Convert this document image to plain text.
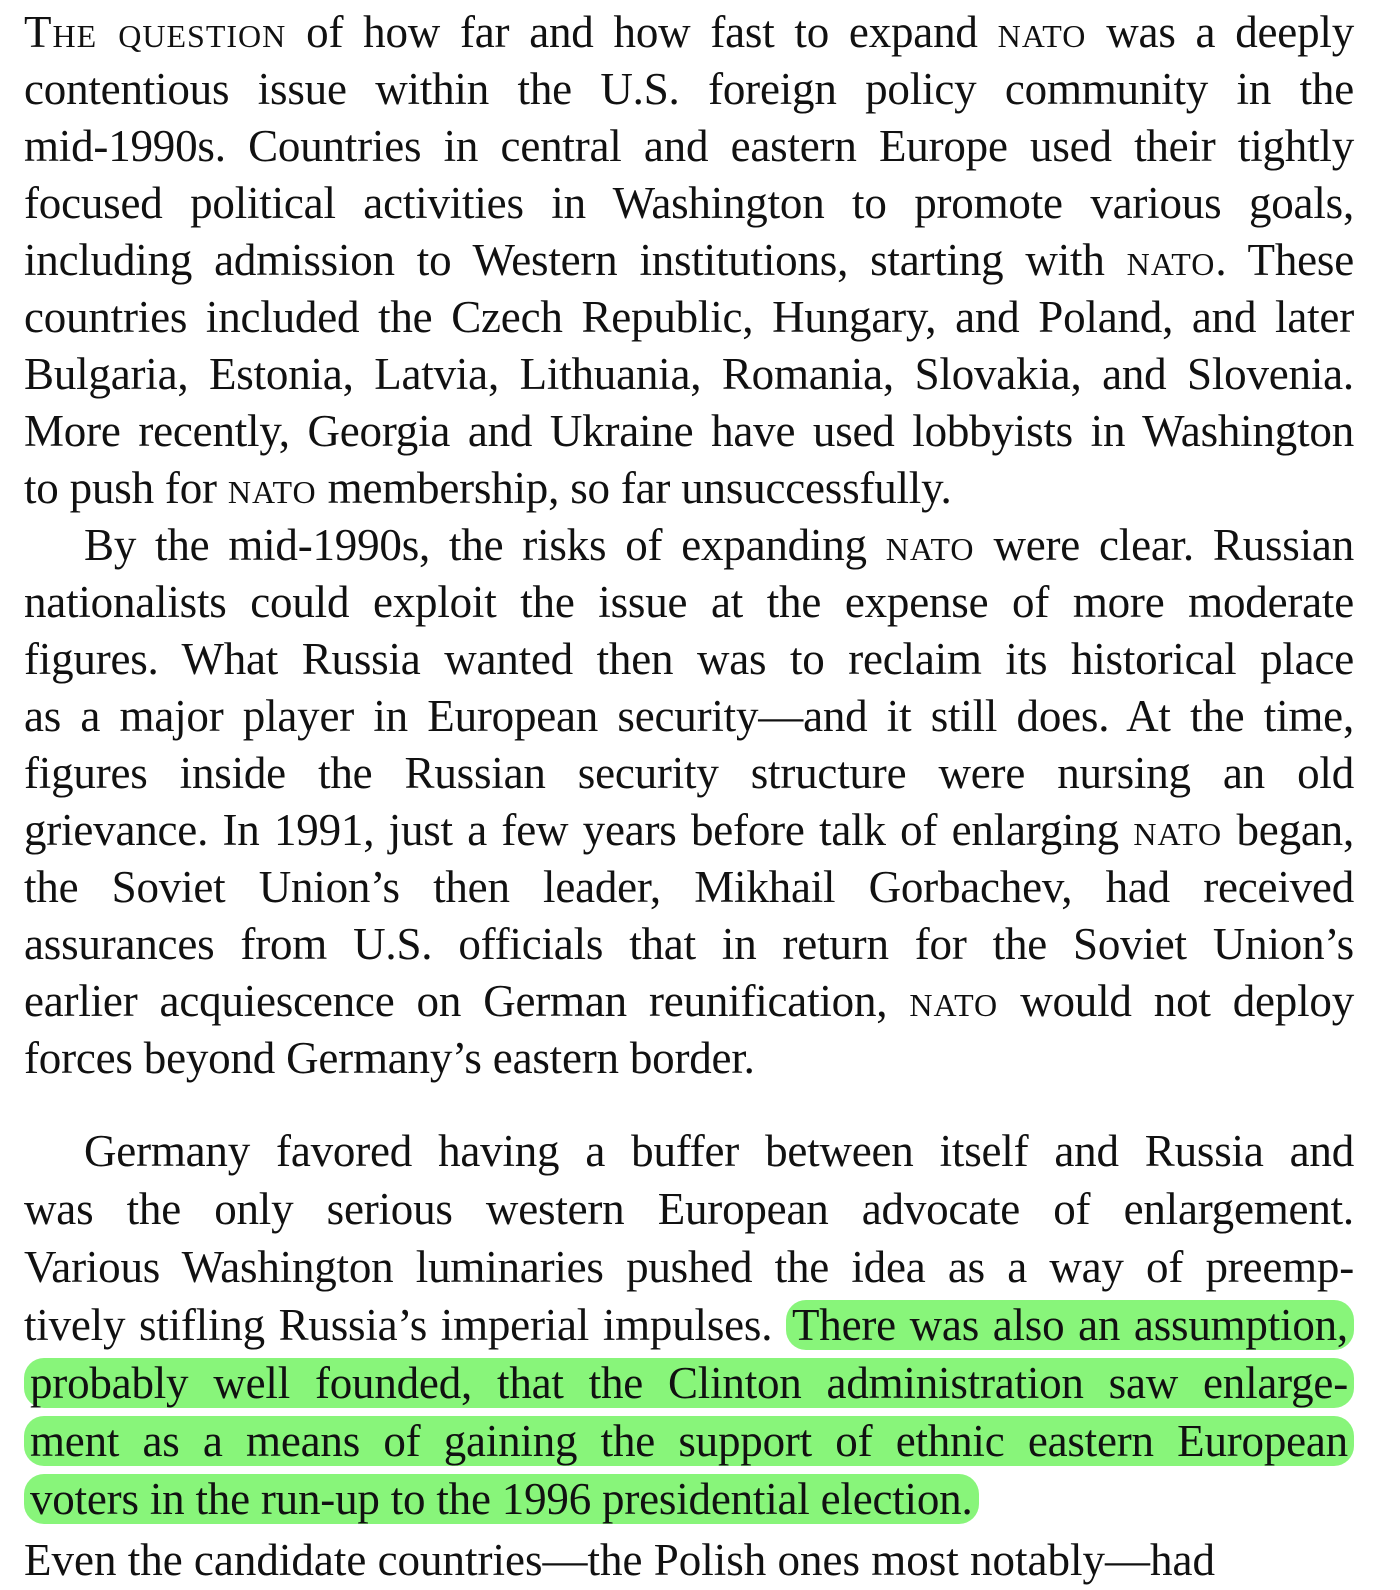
The question of how far and how fast to expand nato was a deeply
contentious issue within the U.S. foreign policy community in the
mid-1990s. Countries in central and eastern Europe used their tightly
focused political activities in Washington to promote various goals,
including admission to Western institutions, starting with nato. These
countries included the Czech Republic, Hungary, and Poland, and later
Bulgaria, Estonia, Latvia, Lithuania, Romania, Slovakia, and Slovenia.
More recently, Georgia and Ukraine have used lobbyists in Washington
to push for nato membership, so far unsuccessfully.
By the mid-1990s, the risks of expanding nato were clear. Russian
nationalists could exploit the issue at the expense of more moderate
figures. What Russia wanted then was to reclaim its historical place
as a major player in European security—and it still does. At the time,
figures inside the Russian security structure were nursing an old
grievance. In 1991, just a few years before talk of enlarging nato began,
the Soviet Union’s then leader, Mikhail Gorbachev, had received
assurances from U.S. officials that in return for the Soviet Union’s
earlier acquiescence on German reunification, nato would not deploy
forces beyond Germany’s eastern border.
Germany favored having a buffer between itself and Russia and
was the only serious western European advocate of enlargement.
Various Washington luminaries pushed the idea as a way of preemp-
tively stifling Russia’s imperial impulses. There was also an assumption,
probably well founded, that the Clinton administration saw enlarge-
ment as a means of gaining the support of ethnic eastern European
voters in the run-up to the 1996 presidential election.
Even the candidate countries—the Polish ones most notably—had
